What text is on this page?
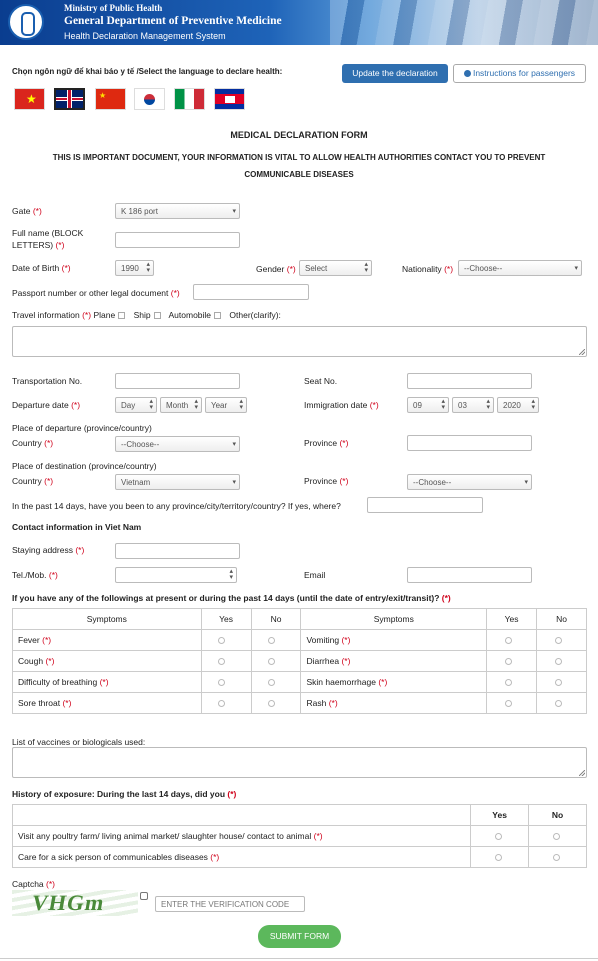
Ministry of Public Health
General Department of Preventive Medicine
Health Declaration Management System
Chọn ngôn ngữ để khai báo y tế /Select the language to declare health:	Update the declaration	Instructions for passengers
★	★
MEDICAL DECLARATION FORM
THIS IS IMPORTANT DOCUMENT, YOUR INFORMATION IS VITAL TO ALLOW HEALTH AUTHORITIES CONTACT YOU TO PREVENT
COMMUNICABLE DISEASES
Gate (*)	K 186 port	▾
Full name (BLOCK
LETTERS) (*)
Date of Birth (*)	1990 ▴
▾	Gender (*)	Select	▴
▾	Nationality (*)	--Choose--	▾
Passport number or other legal document (*)
Travel information (*) Plane Ship Automobile Other(clarify):
Transportation No.	Seat No.
Departure date (*)	Day ▴
▾	Month ▴
▾	Year ▴
▾	Immigration date (*)	09	▴
▾	03	▴
▾	2020 ▴
▾
Place of departure (province/country)
Country (*)	--Choose--	▾	Province (*)
Place of destination (province/country)
Country (*)	Vietnam	▾	Province (*)	--Choose--	▾
In the past 14 days, have you been to any province/city/territory/country? If yes, where?
Contact information in Viet Nam
Staying address (*)
Tel./Mob. (*)	▴
▾	Email
If you have any of the followings at present or during the past 14 days (until the date of entry/exit/transit)? (*)
Symptoms	Yes	No	Symptoms	Yes	No
Fever (*)			Vomiting (*)		
Cough (*)			Diarrhea (*)		
Difficulty of breathing (*)			Skin haemorrhage (*)		
Sore throat (*)			Rash (*)		
List of vaccines or biologicals used:
History of exposure: During the last 14 days, did you (*)
	Yes	No
Visit any poultry farm/ living animal market/ slaughter house/ contact to animal (*)		
Care for a sick person of communicables diseases (*)		
Captcha (*)
VHGm	ENTER THE VERIFICATION CODE
SUBMIT FORM
